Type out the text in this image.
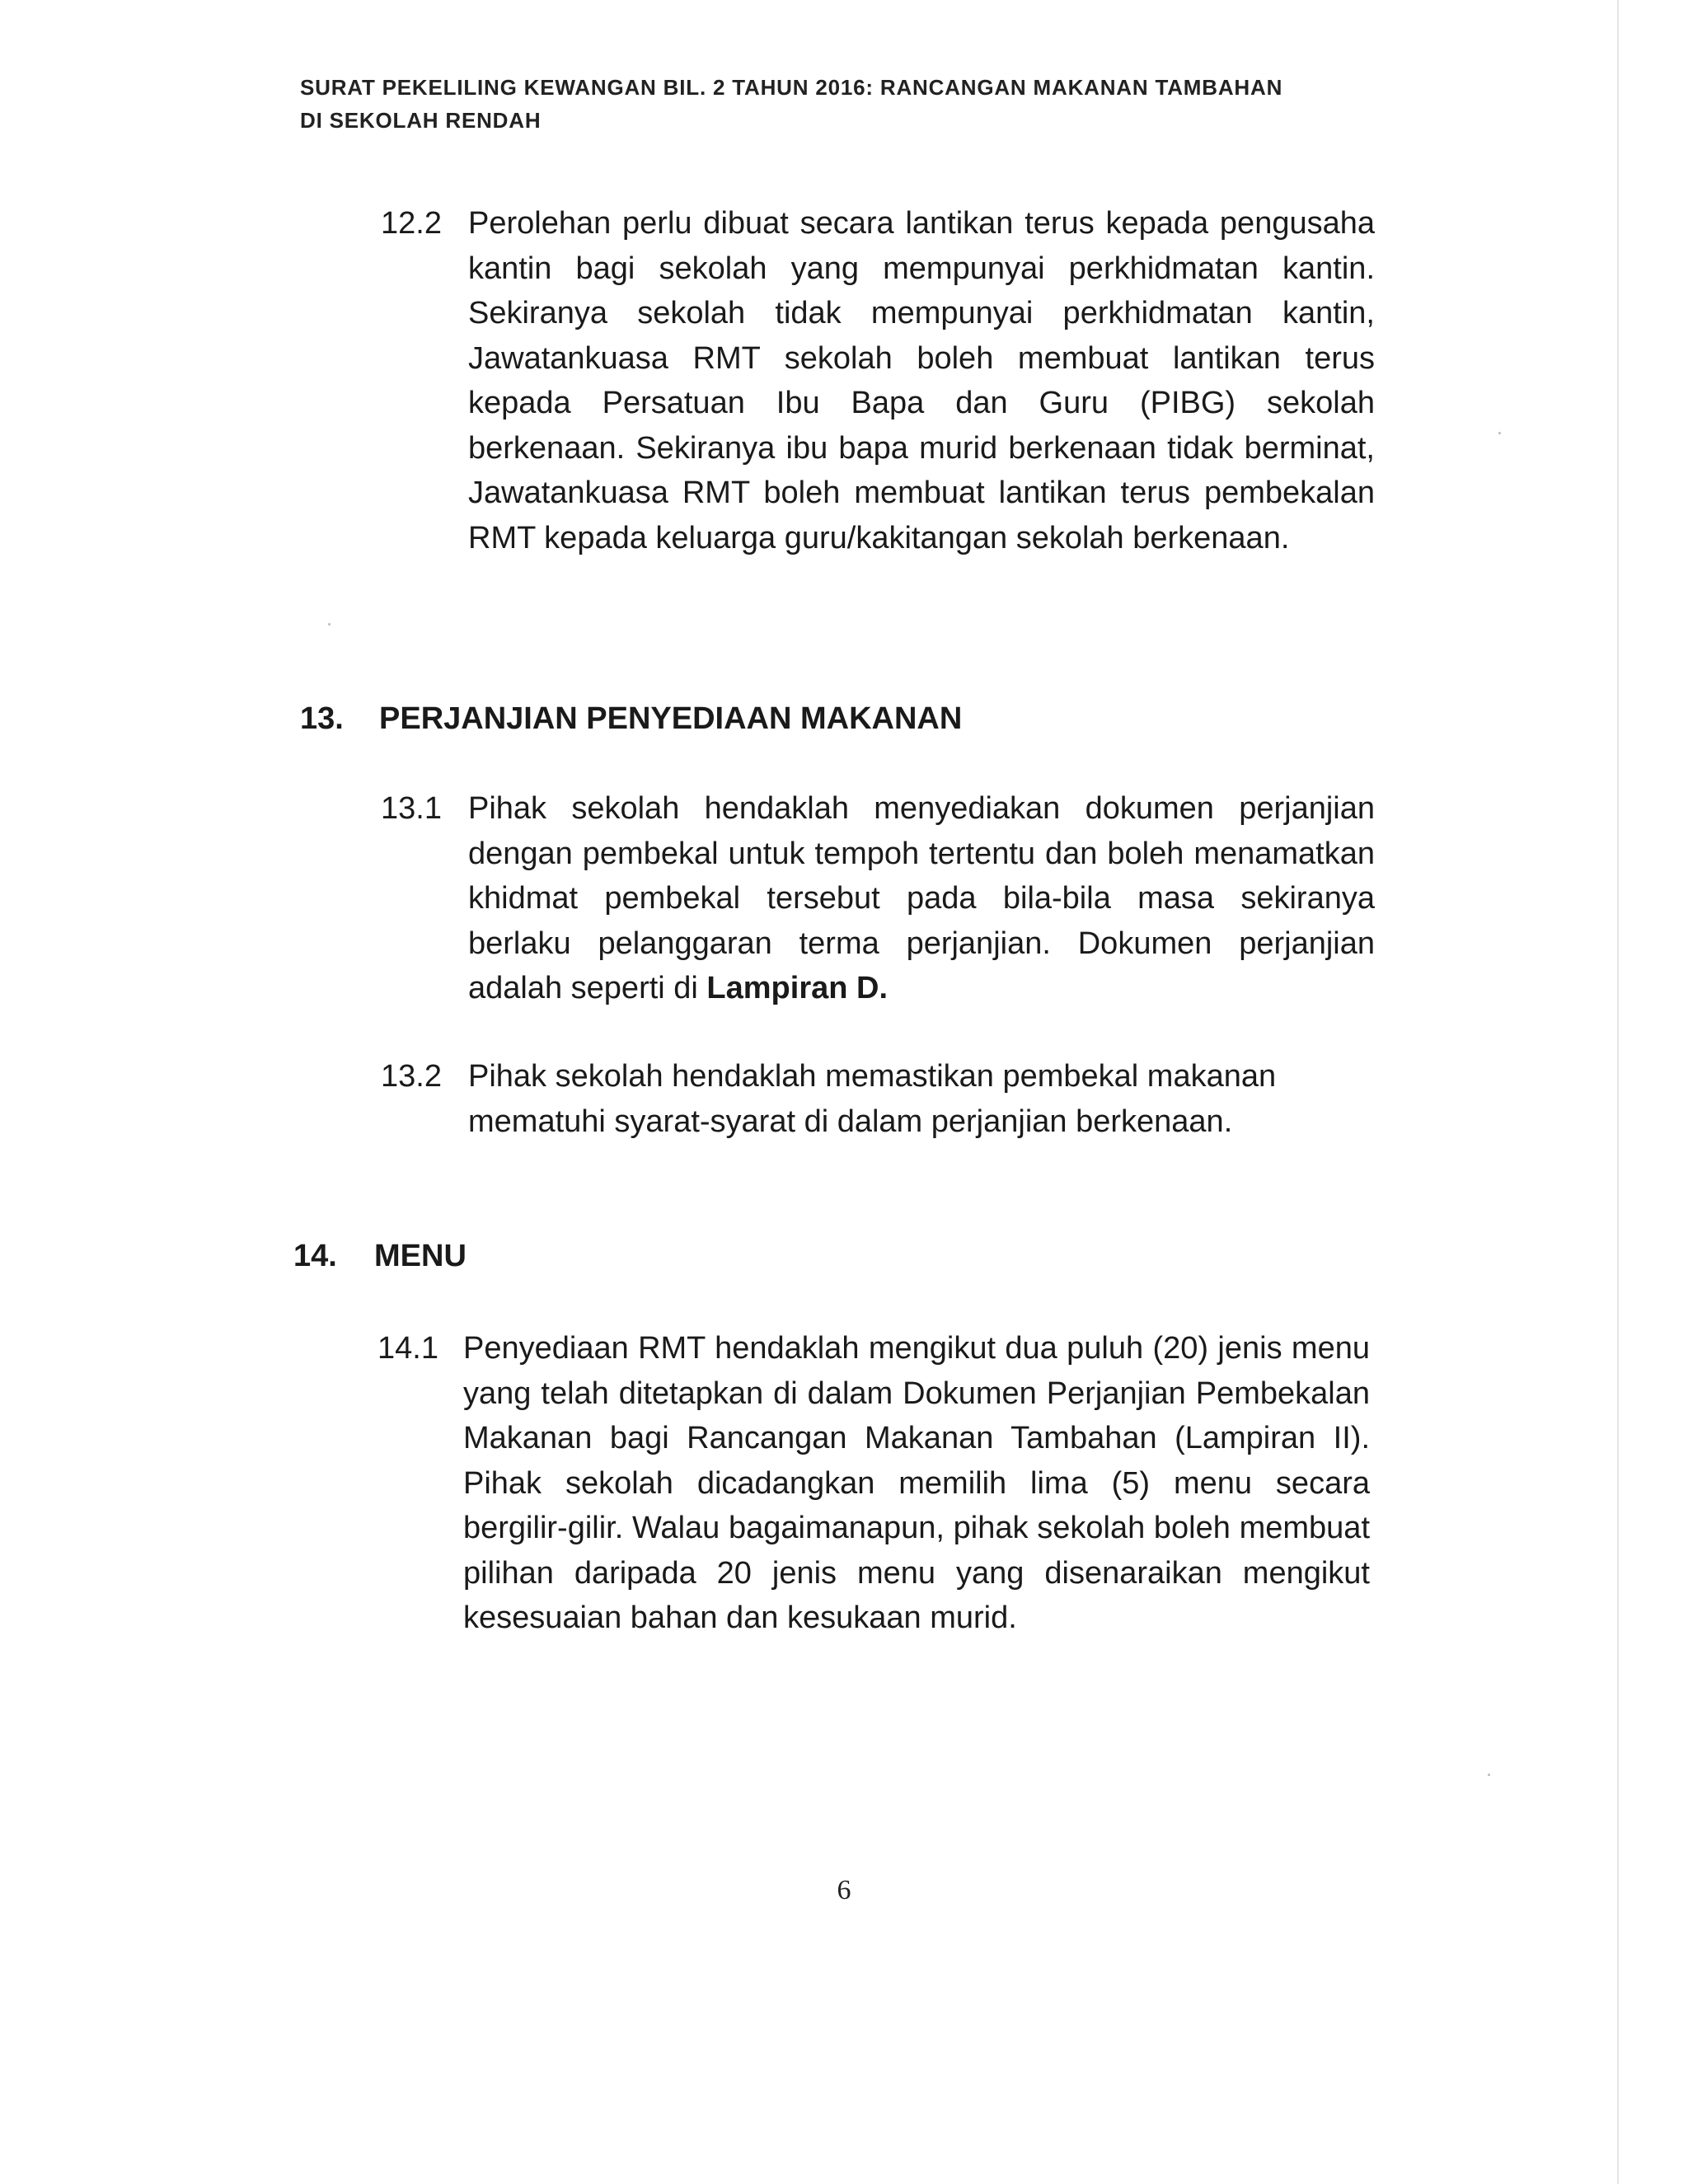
SURAT PEKELILING KEWANGAN BIL. 2 TAHUN 2016: RANCANGAN MAKANAN TAMBAHAN
DI SEKOLAH RENDAH
12.2 Perolehan perlu dibuat secara lantikan terus kepada pengusaha kantin bagi sekolah yang mempunyai perkhidmatan kantin. Sekiranya sekolah tidak mempunyai perkhidmatan kantin, Jawatankuasa RMT sekolah boleh membuat lantikan terus kepada Persatuan Ibu Bapa dan Guru (PIBG) sekolah berkenaan. Sekiranya ibu bapa murid berkenaan tidak berminat, Jawatankuasa RMT boleh membuat lantikan terus pembekalan RMT kepada keluarga guru/kakitangan sekolah berkenaan.
13. PERJANJIAN PENYEDIAAN MAKANAN
13.1 Pihak sekolah hendaklah menyediakan dokumen perjanjian dengan pembekal untuk tempoh tertentu dan boleh menamatkan khidmat pembekal tersebut pada bila-bila masa sekiranya berlaku pelanggaran terma perjanjian. Dokumen perjanjian adalah seperti di Lampiran D.
13.2 Pihak sekolah hendaklah memastikan pembekal makanan mematuhi syarat-syarat di dalam perjanjian berkenaan.
14. MENU
14.1 Penyediaan RMT hendaklah mengikut dua puluh (20) jenis menu yang telah ditetapkan di dalam Dokumen Perjanjian Pembekalan Makanan bagi Rancangan Makanan Tambahan (Lampiran II). Pihak sekolah dicadangkan memilih lima (5) menu secara bergilir-gilir. Walau bagaimanapun, pihak sekolah boleh membuat pilihan daripada 20 jenis menu yang disenaraikan mengikut kesesuaian bahan dan kesukaan murid.
6
